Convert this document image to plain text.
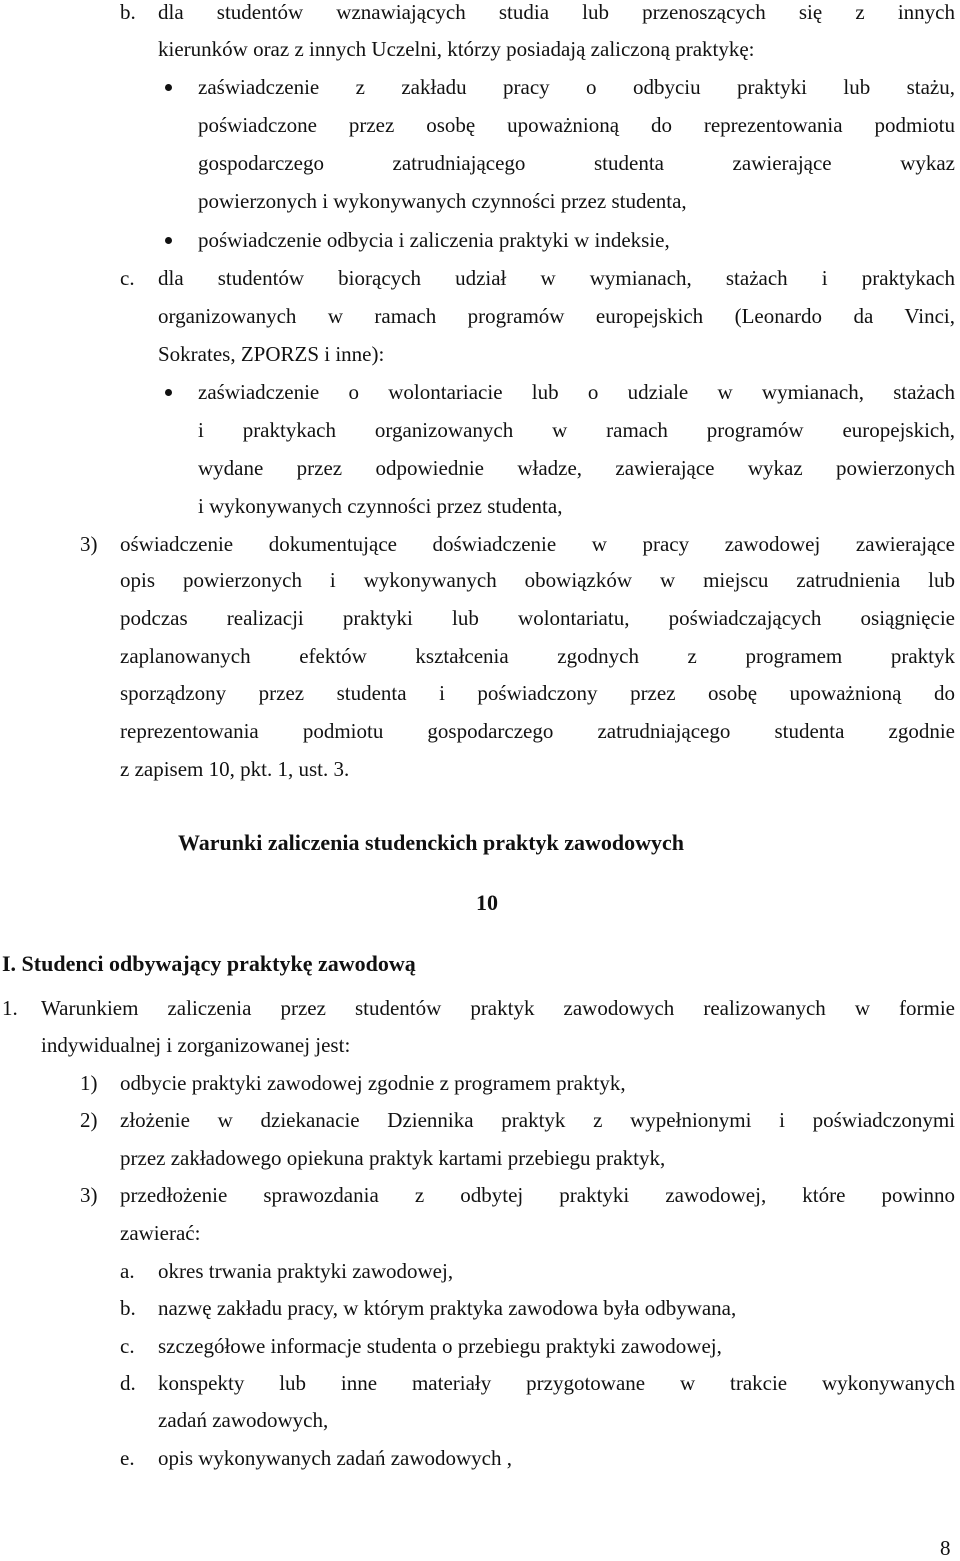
b. dla studentów wznawiających studia lub przenoszących się z innych
kierunków oraz z innych Uczelni, którzy posiadają zaliczoną praktykę:
zaświadczenie z zakładu pracy o odbyciu praktyki lub stażu,
poświadczone przez osobę upoważnioną do reprezentowania podmiotu
gospodarczego zatrudniającego studenta zawierające wykaz
powierzonych i wykonywanych czynności przez studenta,
poświadczenie odbycia i zaliczenia praktyki w indeksie,
c. dla studentów biorących udział w wymianach, stażach i praktykach
organizowanych w ramach programów europejskich (Leonardo da Vinci,
Sokrates, ZPORZS i inne):
zaświadczenie o wolontariacie lub o udziale w wymianach, stażach
i praktykach organizowanych w ramach programów europejskich,
wydane przez odpowiednie władze, zawierające wykaz powierzonych
i wykonywanych czynności przez studenta,
3) oświadczenie dokumentujące doświadczenie w pracy zawodowej zawierające
opis powierzonych i wykonywanych obowiązków w miejscu zatrudnienia lub
podczas realizacji praktyki lub wolontariatu, poświadczających osiągnięcie
zaplanowanych efektów kształcenia zgodnych z programem praktyk
sporządzony przez studenta i poświadczony przez osobę upoważnioną do
reprezentowania podmiotu gospodarczego zatrudniającego studenta zgodnie
z zapisem 10, pkt. 1, ust. 3.
Warunki zaliczenia studenckich praktyk zawodowych
10
I. Studenci odbywający praktykę zawodową
1. Warunkiem zaliczenia przez studentów praktyk zawodowych realizowanych w formie
indywidualnej i zorganizowanej jest:
1) odbycie praktyki zawodowej zgodnie z programem praktyk,
2) złożenie w dziekanacie Dziennika praktyk z wypełnionymi i poświadczonymi
przez zakładowego opiekuna praktyk kartami przebiegu praktyk,
3) przedłożenie sprawozdania z odbytej praktyki zawodowej, które powinno
zawierać:
a. okres trwania praktyki zawodowej,
b. nazwę zakładu pracy, w którym praktyka zawodowa była odbywana,
c. szczegółowe informacje studenta o przebiegu praktyki zawodowej,
d. konspekty lub inne materiały przygotowane w trakcie wykonywanych
zadań zawodowych,
e. opis wykonywanych zadań zawodowych ,
8
